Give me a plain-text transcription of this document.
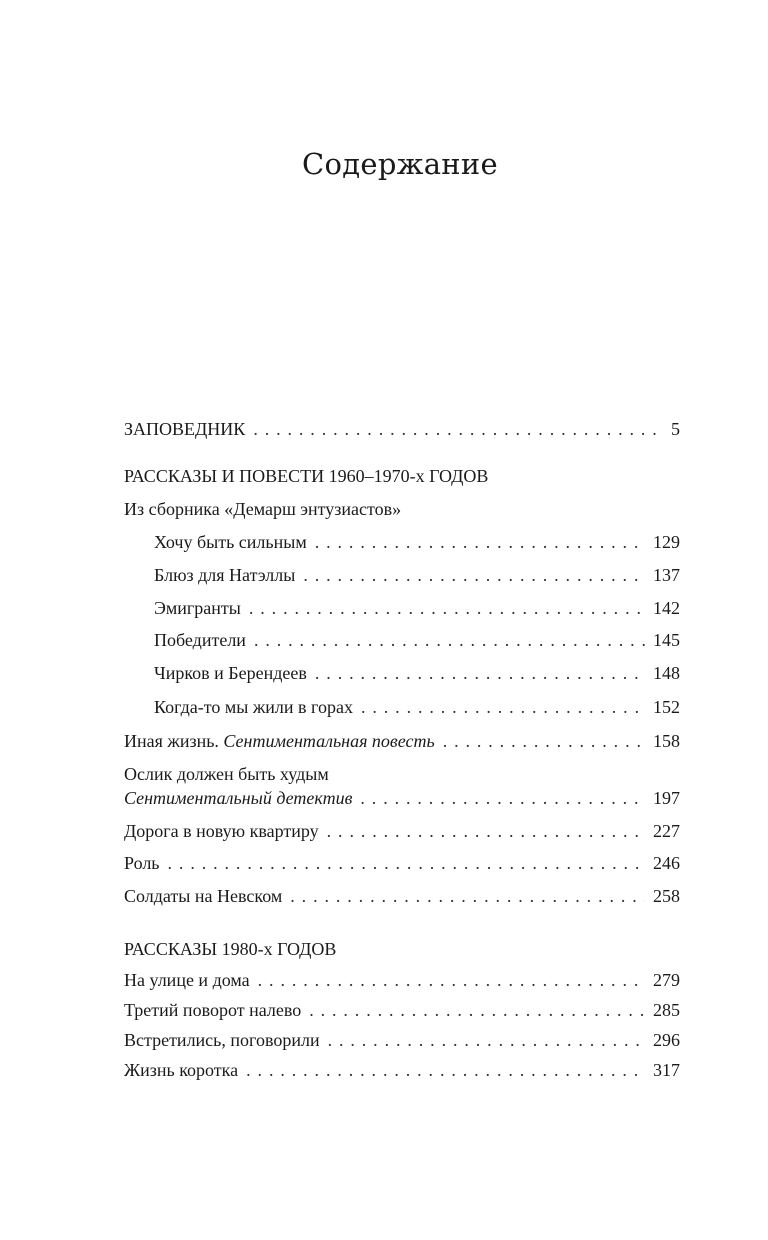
Содержание
ЗАПОВЕДНИК . . .	5
РАССКАЗЫ И ПОВЕСТИ 1960–1970-х ГОДОВ
Из сборника «Демарш энтузиастов»
Хочу быть сильным . . .	129
Блюз для Натэллы . . .	137
Эмигранты . . .	142
Победители . . .	145
Чирков и Берендеев . . .	148
Когда-то мы жили в горах . . .	152
Иная жизнь. Сентиментальная повесть . . .	158
Ослик должен быть худым
Сентиментальный детектив . . .	197
Дорога в новую квартиру . . .	227
Роль . . .	246
Солдаты на Невском . . .	258
РАССКАЗЫ 1980-х ГОДОВ
На улице и дома . . .	279
Третий поворот налево . . .	285
Встретились, поговорили . . .	296
Жизнь коротка . . .	317
